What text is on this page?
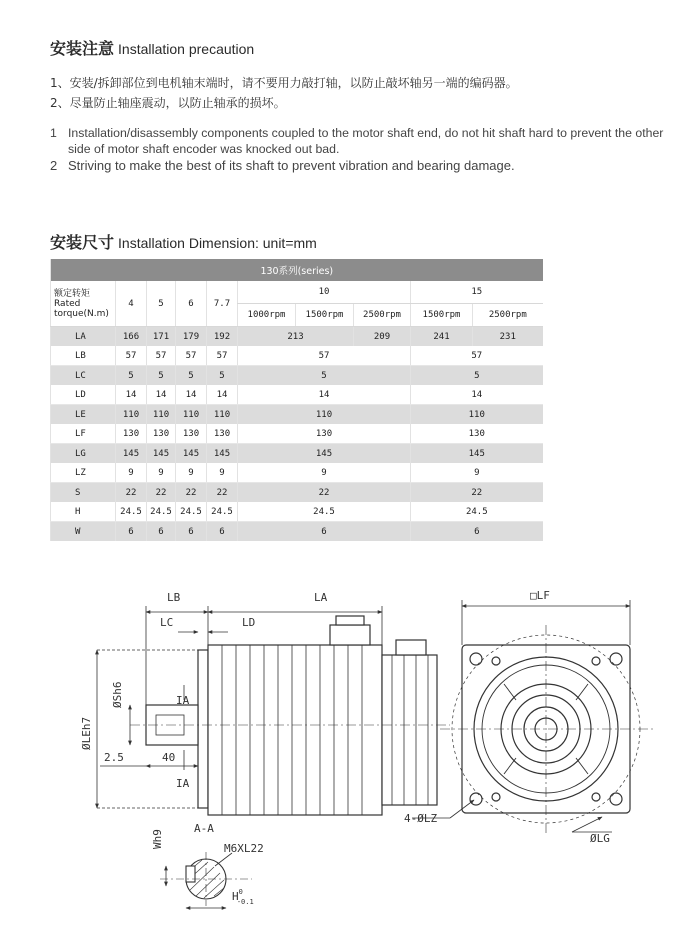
安装注意 Installation precaution
1、安装/拆卸部位到电机轴末端时，请不要用力敲打轴，以防止敲坏轴另一端的编码器。
2、尽量防止轴座震动，以防止轴承的损坏。
1 Installation/disassembly components coupled to the motor shaft end, do not hit shaft hard to prevent the other side of motor shaft encoder was knocked out bad.
2 Striving to make the best of its shaft to prevent vibration and bearing damage.
安装尺寸 Installation Dimension: unit=mm
130系列(series)									
额定转矩
Rated
torque(N.m)	4	5	6	7.7	10			15	
					1000rpm	1500rpm	2500rpm	1500rpm	2500rpm
LA	166	171	179	192	213		209	241	231
LB	57	57	57	57	57			57	
LC	5	5	5	5	5			5	
LD	14	14	14	14	14			14	
LE	110	110	110	110	110			110	
LF	130	130	130	130	130			130	
LG	145	145	145	145	145			145	
LZ	9	9	9	9	9			9	
S	22	22	22	22	22			22	
H	24.5	24.5	24.5	24.5	24.5			24.5	
W	6	6	6	6	6			6	
LB	LA
LC	LD
ØSh6
ØLEh7
IA
IA
2.5	40
A-A
M6XL22
Wh9
$H^0$ -0.1
□LF
4-ØLZ
ØLG
